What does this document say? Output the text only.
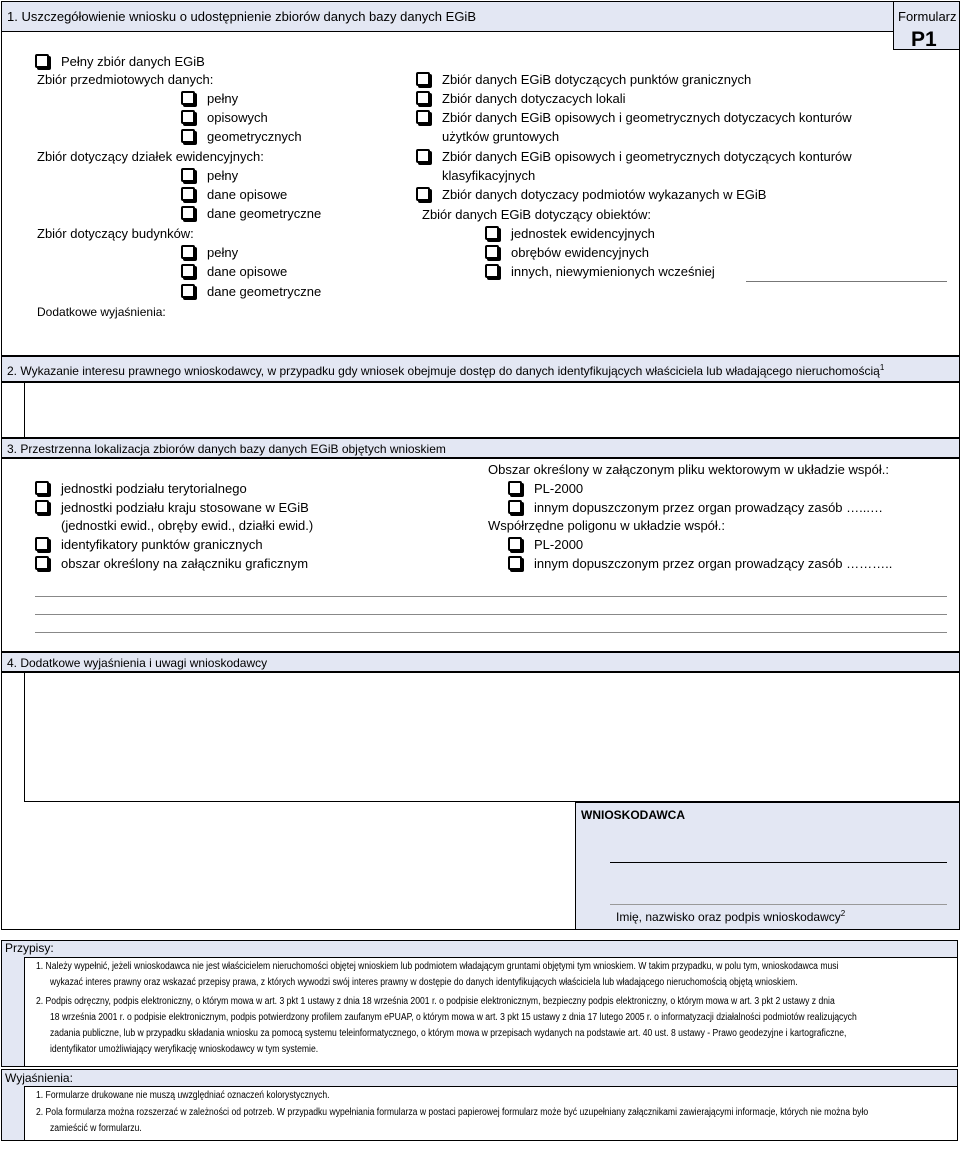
1. Uszczegółowienie wniosku o udostępnienie zbiorów danych bazy danych EGiB	Formularz
P1
Pełny zbiór danych EGiB
Zbiór przedmiotowych danych:
pełny
opisowych
geometrycznych
Zbiór dotyczący działek ewidencyjnych:
pełny
dane opisowe
dane geometryczne
Zbiór dotyczący budynków:
pełny
dane opisowe
dane geometryczne
Dodatkowe wyjaśnienia:
Zbiór danych EGiB dotyczących punktów granicznych
Zbiór danych dotyczacych lokali
Zbiór danych EGiB opisowych i geometrycznych dotyczacych konturów
użytków gruntowych
Zbiór danych EGiB opisowych i geometrycznych dotyczących konturów
klasyfikacyjnych
Zbiór danych dotyczacy podmiotów wykazanych w EGiB
Zbiór danych EGiB dotyczący obiektów:
jednostek ewidencyjnych
obrębów ewidencyjnych
innych, niewymienionych wcześniej
2. Wykazanie interesu prawnego wnioskodawcy, w przypadku gdy wniosek obejmuje dostęp do danych identyfikujących właściciela lub władającego nieruchomością$^1$
3. Przestrzenna lokalizacja zbiorów danych bazy danych EGiB objętych wnioskiem
jednostki podziału terytorialnego
jednostki podziału kraju stosowane w EGiB
(jednostki ewid., obręby ewid., działki ewid.)
identyfikatory punktów granicznych
obszar określony na załączniku graficznym
Obszar określony w załączonym pliku wektorowym w układzie współ.:
PL-2000
innym dopuszczonym przez organ prowadzący zasób …...…
Współrzędne poligonu w układzie współ.:
PL-2000
innym dopuszczonym przez organ prowadzący zasób ………..
4. Dodatkowe wyjaśnienia i uwagi wnioskodawcy
WNIOSKODAWCA
Imię, nazwisko oraz podpis wnioskodawcy$^2$
Przypisy:
1. Należy wypełnić, jeżeli wnioskodawca nie jest właścicielem nieruchomości objętej wnioskiem lub podmiotem władającym gruntami objętymi tym wnioskiem. W takim przypadku, w polu tym, wnioskodawca musi
wykazać interes prawny oraz wskazać przepisy prawa, z których wywodzi swój interes prawny w dostępie do danych identyfikujących właściciela lub władającego nieruchomością objętą wnioskiem.
2. Podpis odręczny, podpis elektroniczny, o którym mowa w art. 3 pkt 1 ustawy z dnia 18 września 2001 r. o podpisie elektronicznym, bezpieczny podpis elektroniczny, o którym mowa w art. 3 pkt 2 ustawy z dnia
18 września 2001 r. o podpisie elektronicznym, podpis potwierdzony profilem zaufanym ePUAP, o którym mowa w art. 3 pkt 15 ustawy z dnia 17 lutego 2005 r. o informatyzacji działalności podmiotów realizujących
zadania publiczne, lub w przypadku składania wniosku za pomocą systemu teleinformatycznego, o którym mowa w przepisach wydanych na podstawie art. 40 ust. 8 ustawy - Prawo geodezyjne i kartograficzne,
identyfikator umożliwiający weryfikację wnioskodawcy w tym systemie.
Wyjaśnienia:
1. Formularze drukowane nie muszą uwzględniać oznaczeń kolorystycznych.
2. Pola formularza można rozszerzać w zależności od potrzeb. W przypadku wypełniania formularza w postaci papierowej formularz może być uzupełniany załącznikami zawierającymi informacje, których nie można było
zamieścić w formularzu.
